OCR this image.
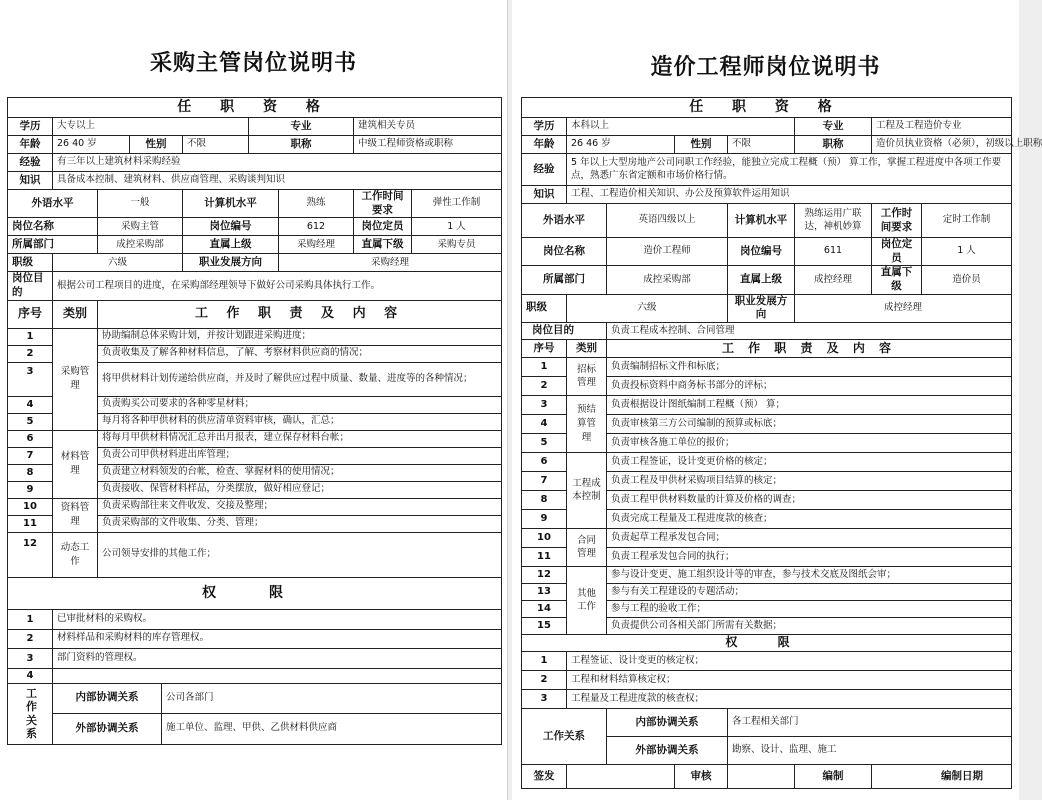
采购主管岗位说明书
任 职 资 格									
学历	大专以上					专业		建筑相关专员	
年龄	26 40 岁		性别		不限	职称		中级工程师资格或职称	
经验	有三年以上建筑材料采购经验								
知识	具备成本控制、建筑材料、供应商管理、采购谈判知识								
外语水平		一般			计算机水平		熟练	工作时间要求	弹性工作制
岗位名称		采购主管			岗位编号		612	岗位定员	1 人
所属部门		成控采购部			直属上级		采购经理	直属下级	采购专员
职级	六级				职业发展方向		采购经理		
岗位目的	根据公司工程项目的进度，在采购部经理领导下做好公司采购具体执行工作。								
序号	类别	工 作 职 责 及 内 容							
1	采购管理	协助编制总体采购计划，并按计划跟进采购进度；							
2		负责收集及了解各种材料信息，了解、考察材料供应商的情况；							
3		将甲供材料计划传递给供应商，并及时了解供应过程中质量、数量、进度等的各种情况；							
4		负责购买公司要求的各种零星材料；							
5		每月将各种甲供材料的供应清单资料审核，确认，汇总；							
6	材料管理	将每月甲供材料情况汇总并出月报表，建立保存材料台帐；							
7		负责公司甲供材料进出库管理；							
8		负责建立材料领发的台帐，检查、掌握材料的使用情况；							
9		负责接收、保管材料样品，分类摆放，做好相应登记；							
10	资料管理	负责采购部往来文件收发、交接及整理；							
11		负责采购部的文件收集、分类、管理；							
12	动态工作	公司领导安排的其他工作；							
权 限									
1	已审批材料的采购权。								
2	材料样品和采购材料的库存管理权。								
3	部门资料的管理权。								
4									

工作关系	内部协调关系			公司各部门					
	外部协调关系			施工单位、监理、甲供、乙供材料供应商					
造价工程师岗位说明书
任 职 资 格							
学历	本科以上				专业	工程及工程造价专业	
年龄	26 46 岁		性别	不限	职称	造价员执业资格（必须），初级以上职称	
经验	5 年以上大型房地产公司同职工作经验，能独立完成工程概（预） 算工作，掌握工程进度中各项工作要点，熟悉广东省定额和市场价格行情。						
知识	工程、工程造价相关知识、办公及预算软件运用知识						
外语水平		英语四级以上		计算机水平	熟练运用广联达，神机妙算	工作时间要求	定时工作制
岗位名称		造价工程师		岗位编号	611	岗位定员	1 人
所属部门		成控采购部		直属上级	成控经理	直属下级	造价员
职级	六级			职业发展方向	成控经理		
岗位目的		负责工程成本控制、合同管理					
序号	类别	工 作 职 责 及 内 容					
1	招标管理	负责编制招标文件和标底；					
2		负责投标资料中商务标书部分的评标；					
3	预结算管理	负责根据设计图纸编制工程概（预） 算；					
4		负责审核第三方公司编制的预算或标底；					
5		负责审核各施工单位的报价；					
6	工程成本控制	负责工程签证，设计变更价格的核定；					
7		负责工程及甲供材采购项目结算的核定；					
8		负责工程甲供材料数量的计算及价格的调查；					
9		负责完成工程量及工程进度款的核查；					
10	合同管理	负责起草工程承发包合同；					
11		负责工程承发包合同的执行；					
12	其他工作	参与设计变更、施工组织设计等的审查，参与技术交底及图纸会审；					
13		参与有关工程建设的专题活动；					
14		参与工程的验收工作；					
15		负责提供公司各相关部门所需有关数据；					
权 限							
1	工程签证、设计变更的核定权；						
2	工程和材料结算核定权；						
3	工程量及工程进度款的核查权；						
工作关系		内部协调关系		各工程相关部门			
		外部协调关系		勘察、设计、监理、施工			
签发			审核		编制	编制日期	
